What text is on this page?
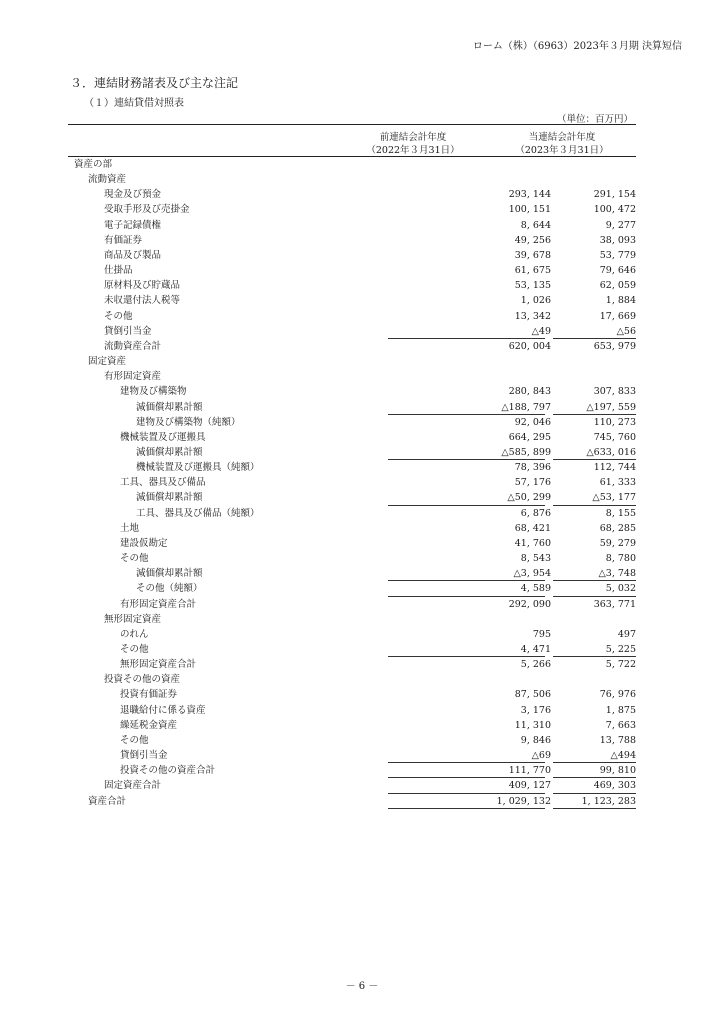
ローム（株）（6963）2023年３月期 決算短信
３．連結財務諸表及び主な注記
（１）連結貸借対照表
（単位：百万円）
前連結会計年度
（2022年３月31日）
当連結会計年度
（2023年３月31日）
資産の部
流動資産
現金及び預金	293, 144	291, 154
受取手形及び売掛金	100, 151	100, 472
電子記録債権	8, 644	9, 277
有価証券	49, 256	38, 093
商品及び製品	39, 678	53, 779
仕掛品	61, 675	79, 646
原材料及び貯蔵品	53, 135	62, 059
未収還付法人税等	1, 026	1, 884
その他	13, 342	17, 669
貸倒引当金	△49	△56
流動資産合計	620, 004	653, 979
固定資産
有形固定資産
建物及び構築物	280, 843	307, 833
減価償却累計額	△188, 797	△197, 559
建物及び構築物（純額）	92, 046	110, 273
機械装置及び運搬具	664, 295	745, 760
減価償却累計額	△585, 899	△633, 016
機械装置及び運搬具（純額）	78, 396	112, 744
工具、器具及び備品	57, 176	61, 333
減価償却累計額	△50, 299	△53, 177
工具、器具及び備品（純額）	6, 876	8, 155
土地	68, 421	68, 285
建設仮勘定	41, 760	59, 279
その他	8, 543	8, 780
減価償却累計額	△3, 954	△3, 748
その他（純額）	4, 589	5, 032
有形固定資産合計	292, 090	363, 771
無形固定資産
のれん	795	497
その他	4, 471	5, 225
無形固定資産合計	5, 266	5, 722
投資その他の資産
投資有価証券	87, 506	76, 976
退職給付に係る資産	3, 176	1, 875
繰延税金資産	11, 310	7, 663
その他	9, 846	13, 788
貸倒引当金	△69	△494
投資その他の資産合計	111, 770	99, 810
固定資産合計	409, 127	469, 303
資産合計	1, 029, 132	1, 123, 283
－ 6 －
